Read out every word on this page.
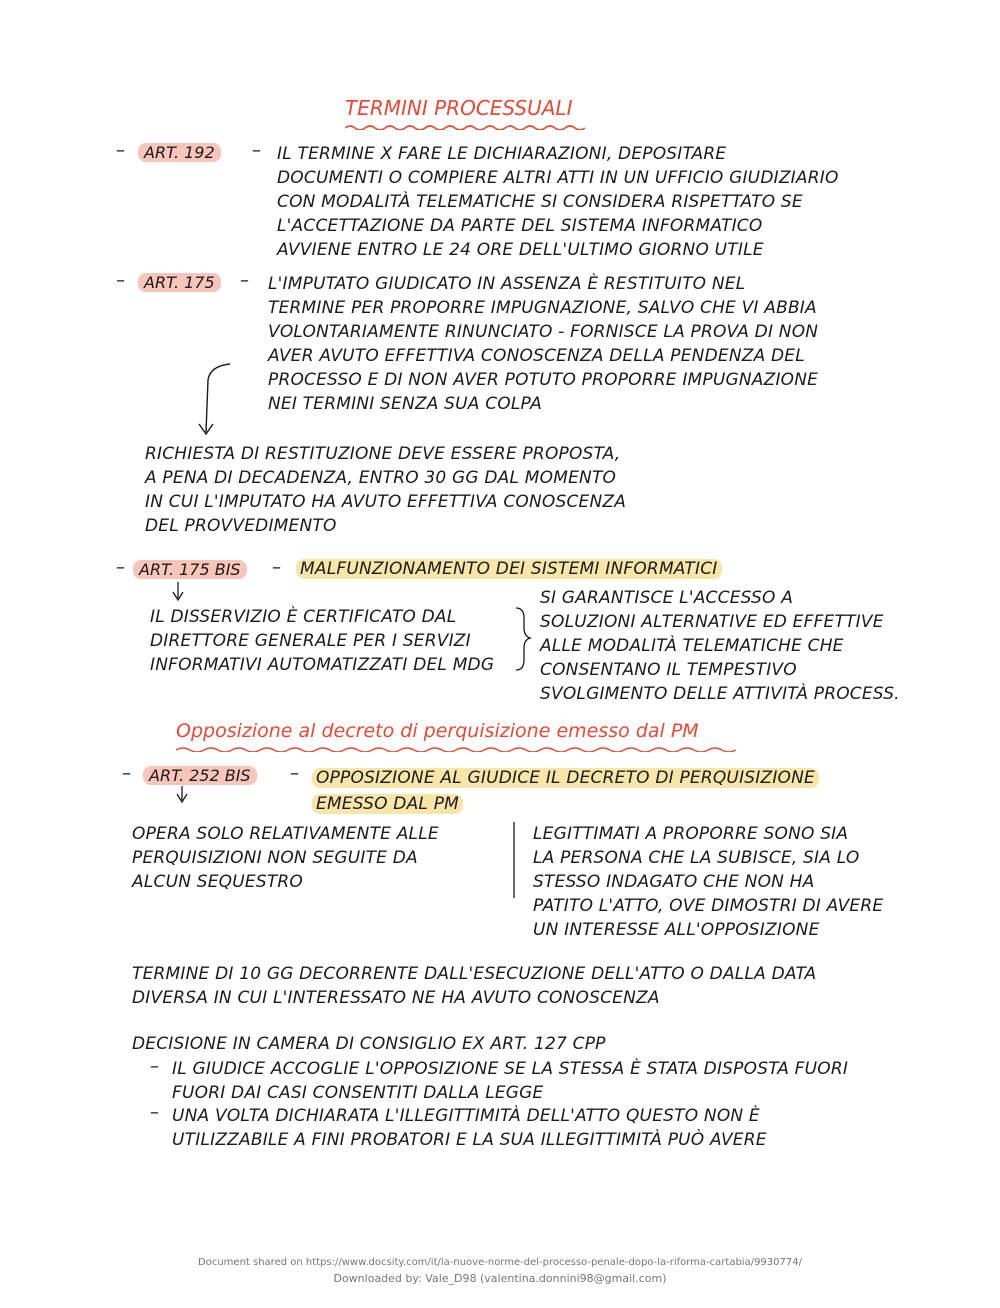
TERMINI PROCESSUALI
–	ART. 192	– IL TERMINE X FARE LE DICHIARAZIONI, DEPOSITARE
DOCUMENTI O COMPIERE ALTRI ATTI IN UN UFFICIO GIUDIZIARIO
CON MODALITÀ TELEMATICHE SI CONSIDERA RISPETTATO SE
L'ACCETTAZIONE DA PARTE DEL SISTEMA INFORMATICO
AVVIENE ENTRO LE 24 ORE DELL'ULTIMO GIORNO UTILE
–	ART. 175	– L'IMPUTATO GIUDICATO IN ASSENZA È RESTITUITO NEL
TERMINE PER PROPORRE IMPUGNAZIONE, SALVO CHE VI ABBIA
VOLONTARIAMENTE RINUNCIATO - FORNISCE LA PROVA DI NON
AVER AVUTO EFFETTIVA CONOSCENZA DELLA PENDENZA DEL
PROCESSO E DI NON AVER POTUTO PROPORRE IMPUGNAZIONE
NEI TERMINI SENZA SUA COLPA
RICHIESTA DI RESTITUZIONE DEVE ESSERE PROPOSTA,
A PENA DI DECADENZA, ENTRO 30 GG DAL MOMENTO
IN CUI L'IMPUTATO HA AVUTO EFFETTIVA CONOSCENZA
DEL PROVVEDIMENTO
– ART. 175 BIS	– MALFUNZIONAMENTO DEI SISTEMI INFORMATICI
IL DISSERVIZIO È CERTIFICATO DAL
DIRETTORE GENERALE PER I SERVIZI
INFORMATIVI AUTOMATIZZATI DEL MDG
SI GARANTISCE L'ACCESSO A
SOLUZIONI ALTERNATIVE ED EFFETTIVE
ALLE MODALITÀ TELEMATICHE CHE
CONSENTANO IL TEMPESTIVO
SVOLGIMENTO DELLE ATTIVITÀ PROCESS.
Opposizione al decreto di perquisizione emesso dal PM
–	ART. 252 BIS	– OPPOSIZIONE AL GIUDICE IL DECRETO DI PERQUISIZIONE
EMESSO DAL PM
OPERA SOLO RELATIVAMENTE ALLE
PERQUISIZIONI NON SEGUITE DA
ALCUN SEQUESTRO
LEGITTIMATI A PROPORRE SONO SIA
LA PERSONA CHE LA SUBISCE, SIA LO
STESSO INDAGATO CHE NON HA
PATITO L'ATTO, OVE DIMOSTRI DI AVERE
UN INTERESSE ALL'OPPOSIZIONE
TERMINE DI 10 GG DECORRENTE DALL'ESECUZIONE DELL'ATTO O DALLA DATA
DIVERSA IN CUI L'INTERESSATO NE HA AVUTO CONOSCENZA
DECISIONE IN CAMERA DI CONSIGLIO EX ART. 127 CPP
– IL GIUDICE ACCOGLIE L'OPPOSIZIONE SE LA STESSA È STATA DISPOSTA FUORI
FUORI DAI CASI CONSENTITI DALLA LEGGE
– UNA VOLTA DICHIARATA L'ILLEGITTIMITÀ DELL'ATTO QUESTO NON È
UTILIZZABILE A FINI PROBATORI E LA SUA ILLEGITTIMITÀ PUÒ AVERE
Document shared on https://www.docsity.com/it/la-nuove-norme-del-processo-penale-dopo-la-riforma-cartabia/9930774/
Downloaded by: Vale_D98 (valentina.donnini98@gmail.com)
